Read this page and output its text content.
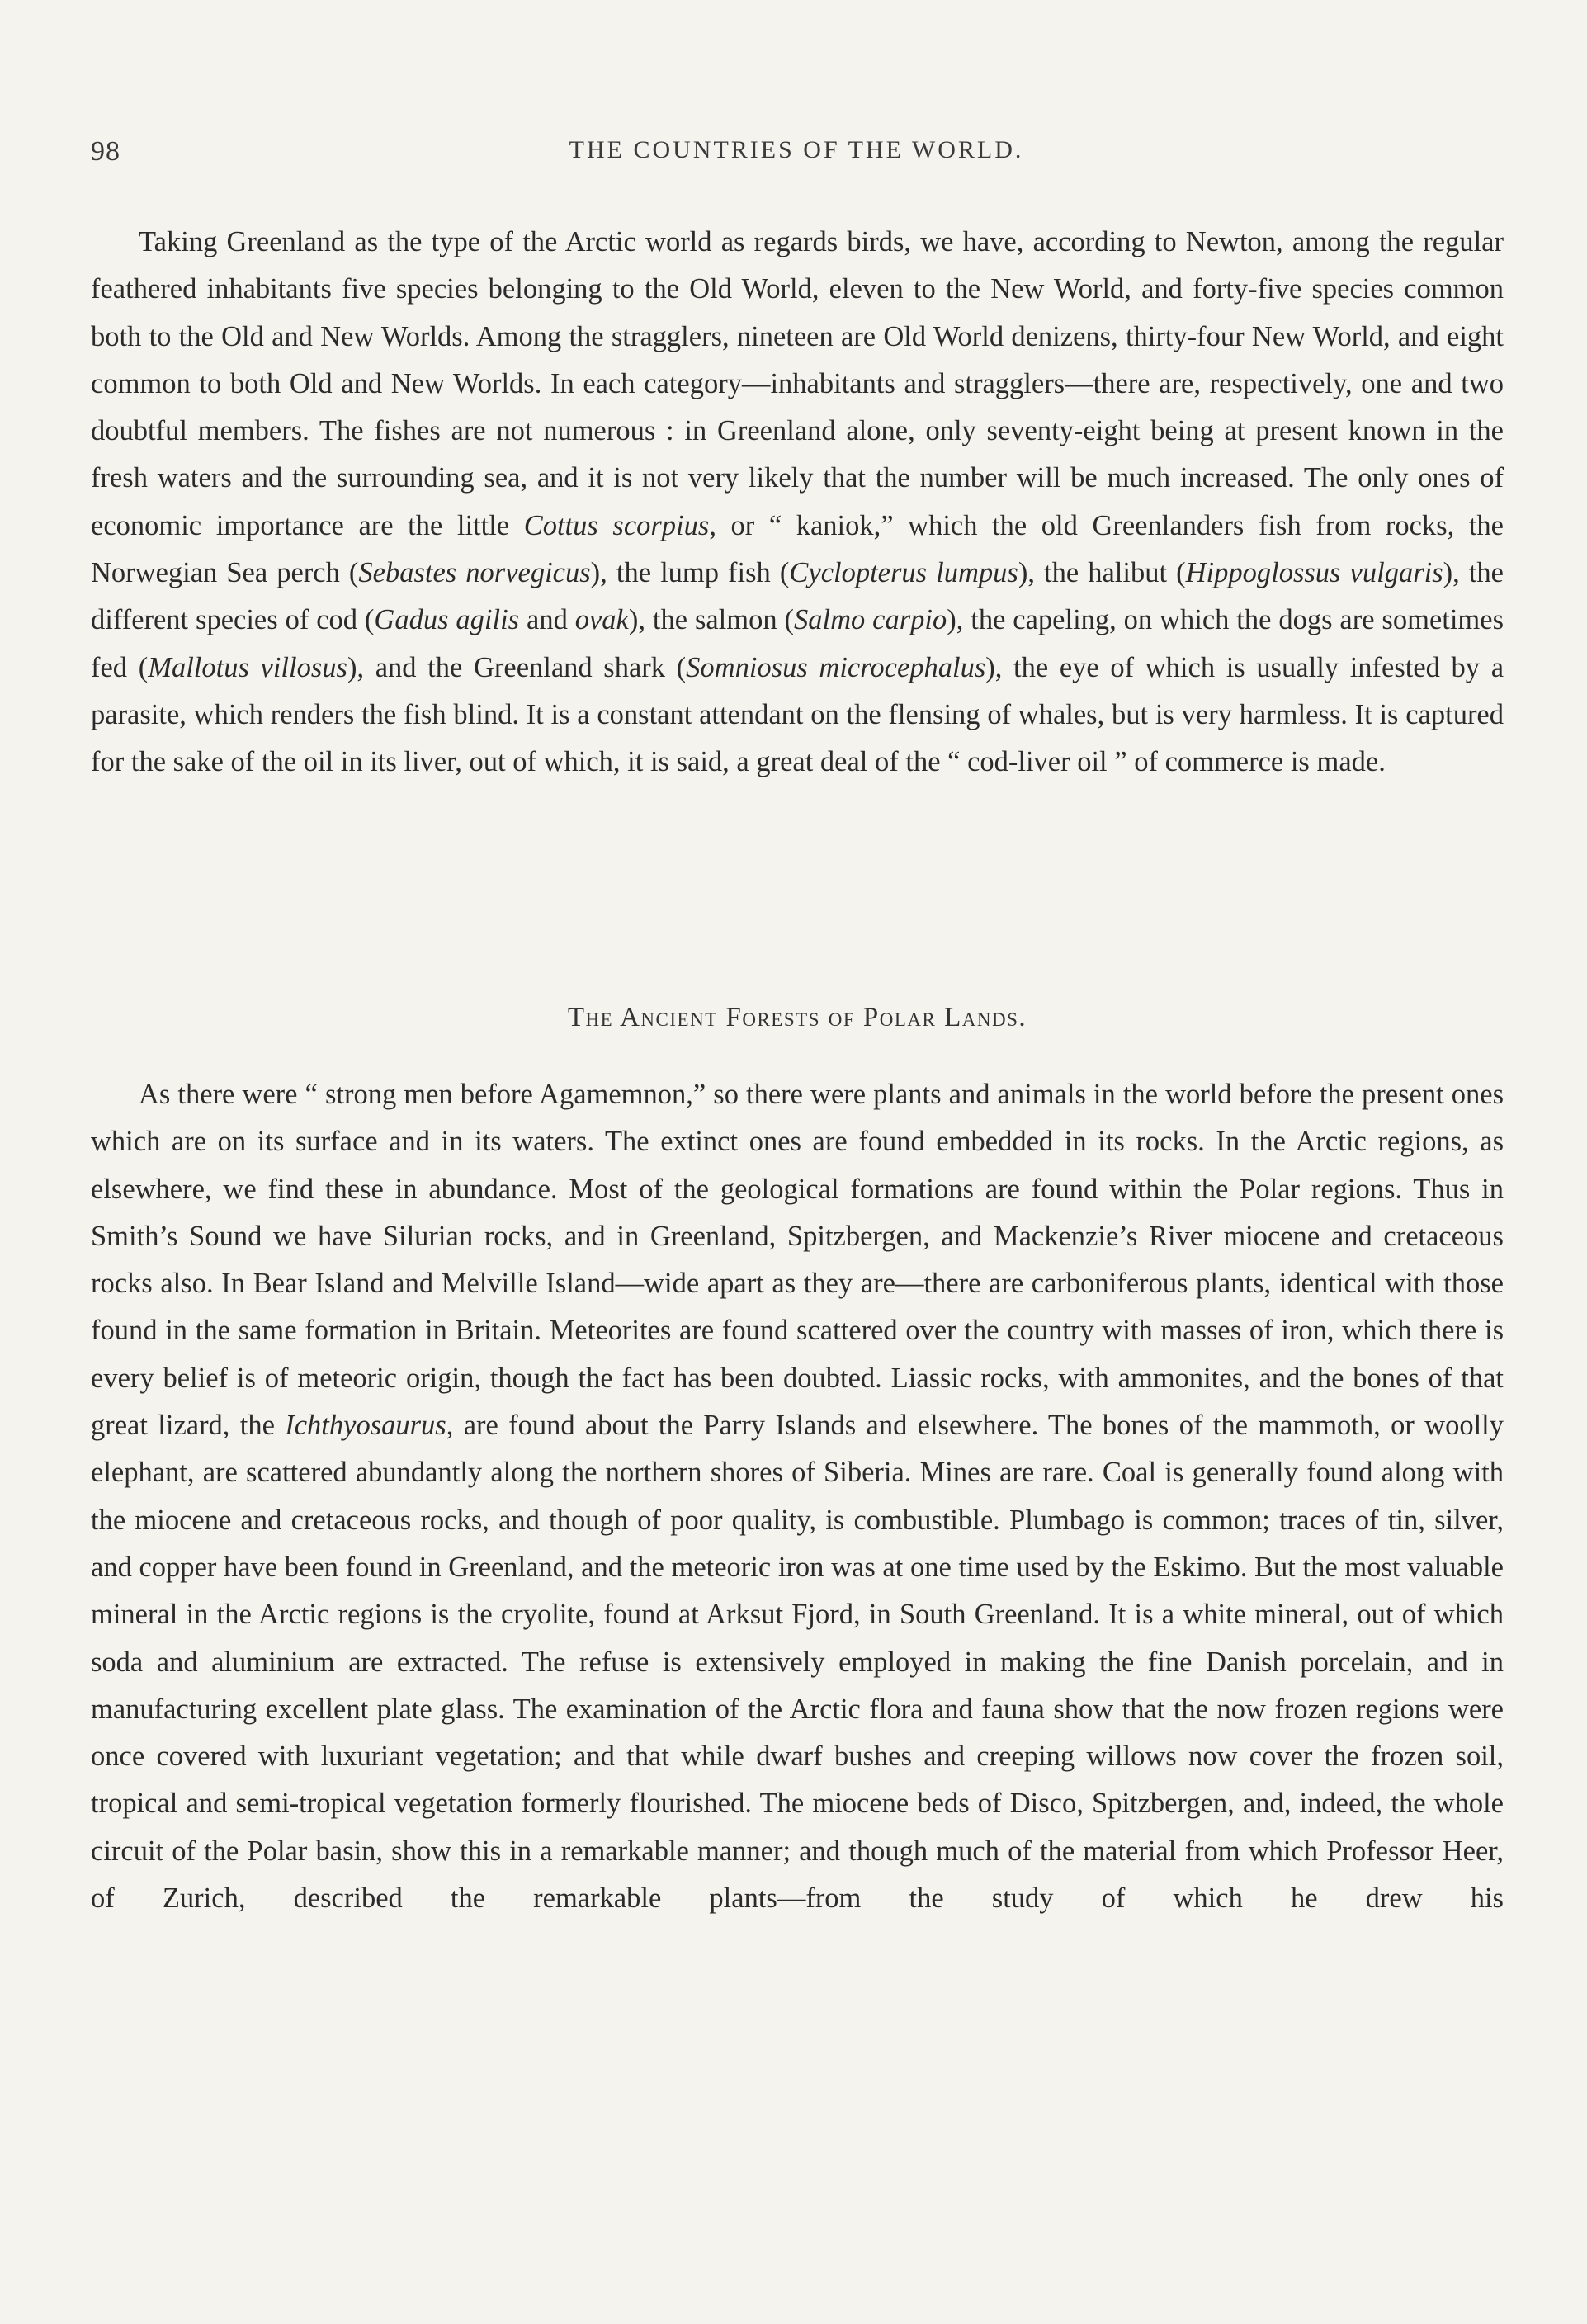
98	THE COUNTRIES OF THE WORLD.

Taking Greenland as the type of the Arctic world as regards birds, we have, according to Newton, among the regular feathered inhabitants five species belonging to the Old World, eleven to the New World, and forty-five species common both to the Old and New Worlds. Among the stragglers, nineteen are Old World denizens, thirty-four New World, and eight common to both Old and New Worlds. In each category—inhabitants and stragglers—there are, respectively, one and two doubtful members. The fishes are not numerous : in Greenland alone, only seventy-eight being at present known in the fresh waters and the surrounding sea, and it is not very likely that the number will be much increased. The only ones of economic importance are the little Cottus scorpius, or “ kaniok,” which the old Greenlanders fish from rocks, the Norwegian Sea perch (Sebastes norvegicus), the lump fish (Cyclopterus lumpus), the halibut (Hippoglossus vulgaris), the different species of cod (Gadus agilis and ovak), the salmon (Salmo carpio), the capeling, on which the dogs are sometimes fed (Mallotus villosus), and the Greenland shark (Somniosus microcephalus), the eye of which is usually infested by a parasite, which renders the fish blind. It is a constant attendant on the flensing of whales, but is very harmless. It is captured for the sake of the oil in its liver, out of which, it is said, a great deal of the “ cod-liver oil ” of commerce is made.

The Ancient Forests of Polar Lands.

As there were “ strong men before Agamemnon,” so there were plants and animals in the world before the present ones which are on its surface and in its waters. The extinct ones are found embedded in its rocks. In the Arctic regions, as elsewhere, we find these in abundance. Most of the geological formations are found within the Polar regions. Thus in Smith’s Sound we have Silurian rocks, and in Greenland, Spitzbergen, and Mackenzie’s River miocene and cretaceous rocks also. In Bear Island and Melville Island—wide apart as they are—there are carboniferous plants, identical with those found in the same formation in Britain. Meteorites are found scattered over the country with masses of iron, which there is every belief is of meteoric origin, though the fact has been doubted. Liassic rocks, with ammonites, and the bones of that great lizard, the Ichthyosaurus, are found about the Parry Islands and elsewhere. The bones of the mammoth, or woolly elephant, are scattered abundantly along the northern shores of Siberia. Mines are rare. Coal is generally found along with the miocene and cretaceous rocks, and though of poor quality, is combustible. Plumbago is common; traces of tin, silver, and copper have been found in Greenland, and the meteoric iron was at one time used by the Eskimo. But the most valuable mineral in the Arctic regions is the cryolite, found at Arksut Fjord, in South Greenland. It is a white mineral, out of which soda and aluminium are extracted. The refuse is extensively employed in making the fine Danish porcelain, and in manufacturing excellent plate glass. The examination of the Arctic flora and fauna show that the now frozen regions were once covered with luxuriant vegetation; and that while dwarf bushes and creeping willows now cover the frozen soil, tropical and semi-tropical vegetation formerly flourished. The miocene beds of Disco, Spitzbergen, and, indeed, the whole circuit of the Polar basin, show this in a remarkable manner; and though much of the material from which Professor Heer, of Zurich, described the remarkable plants—from the study of which he drew his
